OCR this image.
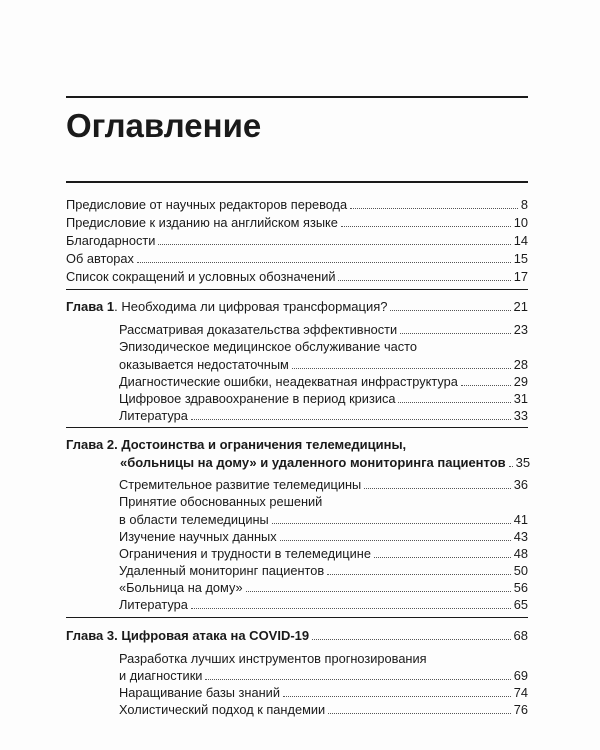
Оглавление
Предисловие от научных редакторов перевода	8
Предисловие к изданию на английском языке	10
Благодарности	14
Об авторах	15
Список сокращений и условных обозначений	17
Глава 1. Необходима ли цифровая трансформация?	21
Рассматривая доказательства эффективности	23
Эпизодическое медицинское обслуживание часто
оказывается недостаточным	28
Диагностические ошибки, неадекватная инфраструктура	29
Цифровое здравоохранение в период кризиса	31
Литература	33
Глава 2. Достоинства и ограничения телемедицины,
«больницы на дому» и удаленного мониторинга пациентов 35
Стремительное развитие телемедицины	36
Принятие обоснованных решений
в области телемедицины	41
Изучение научных данных	43
Ограничения и трудности в телемедицине	48
Удаленный мониторинг пациентов	50
«Больница на дому»	56
Литература	65
Глава 3. Цифровая атака на COVID-19	68
Разработка лучших инструментов прогнозирования
и диагностики	69
Наращивание базы знаний	74
Холистический подход к пандемии	76
